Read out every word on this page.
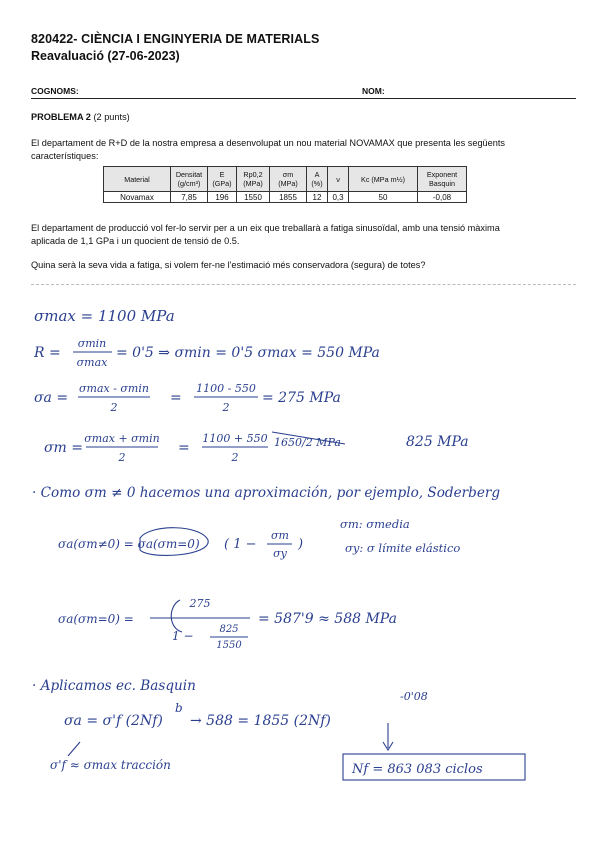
820422- CIÈNCIA I ENGINYERIA DE MATERIALS
Reavaluació (27-06-2023)
COGNOMS:	NOM:
PROBLEMA 2 (2 punts)
El departament de R+D de la nostra empresa a desenvolupat un nou material NOVAMAX que presenta les següents
característiques:
Material	Densitat (g/cm³)	E (GPa)	Rp0,2 (MPa)	σm (MPa)	A (%)	ν	Kc (MPa m½)	Exponent Basquin
Novamax	7,85	196	1550	1855	12	0,3	50	-0,08
El departament de producció vol fer-lo servir per a un eix que treballarà a fatiga sinusoïdal, amb una tensió màxima
aplicada de 1,1 GPa i un quocient de tensió de 0.5.
Quina serà la seva vida a fatiga, si volem fer-ne l'estimació més conservadora (segura) de totes?
σmax = 1100 MPa
R =
σmin
σmax
= 0'5 ⇒ σmin = 0'5 σmax = 550 MPa
σa =
σmax - σmin
2
=
1100 - 550
2
= 275 MPa
σm =
σmax + σmin
2
=
1100 + 550
2
1650/2 MPa	825 MPa
· Como σm ≠ 0 hacemos una aproximación, por ejemplo, Soderberg
σa(σm≠0) = σa(σm=0) ( 1 −
σm
σy
)
σm: σmedia
σy: σ límite elástico
σa(σm=0) =
275
1 −	825
1550
= 587'9 ≈ 588 MPa
· Aplicamos ec. Basquin
σa = σ'f (2Nf)
b
→ 588 = 1855 (2Nf)
-0'08
σ'f ≈ σmax tracción	Nf = 863 083 ciclos
